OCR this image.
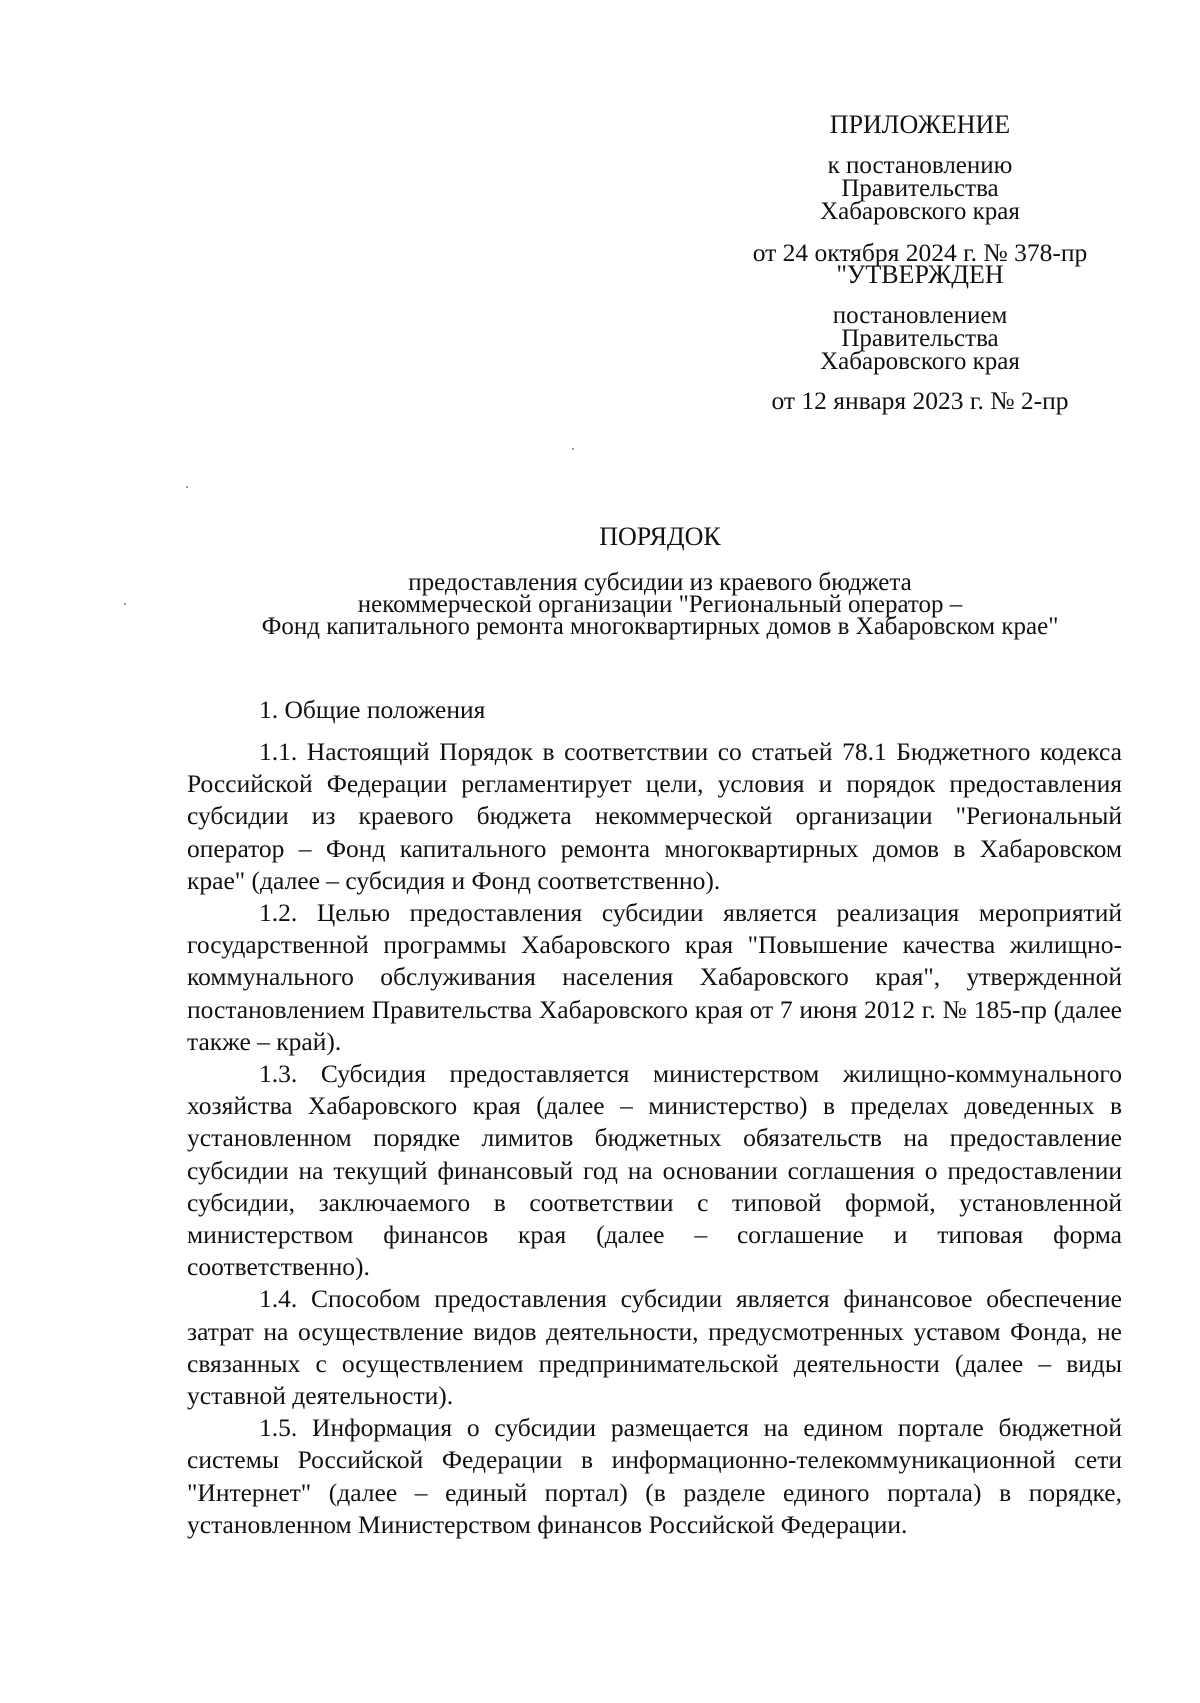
ПРИЛОЖЕНИЕ
к постановлению
Правительства
Хабаровского края
от 24 октября 2024 г. № 378-пр
"УТВЕРЖДЕН
постановлением
Правительства
Хабаровского края
от 12 января 2023 г. № 2-пр
ПОРЯДОК
предоставления субсидии из краевого бюджета
некоммерческой организации "Региональный оператор –
Фонд капитального ремонта многоквартирных домов в Хабаровском крае"
1. Общие положения

1.1. Настоящий Порядок в соответствии со статьей 78.1 Бюджетного кодекса Российской Федерации регламентирует цели, условия и порядок предоставления субсидии из краевого бюджета некоммерческой организации "Региональный оператор – Фонд капитального ремонта многоквартирных домов в Хабаровском крае" (далее – субсидия и Фонд соответственно).

1.2. Целью предоставления субсидии является реализация мероприятий государственной программы Хабаровского края "Повышение качества жилищно-коммунального обслуживания населения Хабаровского края", утвержденной постановлением Правительства Хабаровского края от 7 июня 2012 г. № 185-пр (далее также – край).

1.3. Субсидия предоставляется министерством жилищно-коммунального хозяйства Хабаровского края (далее – министерство) в пределах доведенных в установленном порядке лимитов бюджетных обязательств на предоставление субсидии на текущий финансовый год на основании соглашения о предоставлении субсидии, заключаемого в соответствии с типовой формой, установленной министерством финансов края (далее – соглашение и типовая форма соответственно).

1.4. Способом предоставления субсидии является финансовое обеспечение затрат на осуществление видов деятельности, предусмотренных уставом Фонда, не связанных с осуществлением предпринимательской деятельности (далее – виды уставной деятельности).

1.5. Информация о субсидии размещается на едином портале бюджетной системы Российской Федерации в информационно-телекоммуникационной сети "Интернет" (далее – единый портал) (в разделе единого портала) в порядке, установленном Министерством финансов Российской Федерации.
